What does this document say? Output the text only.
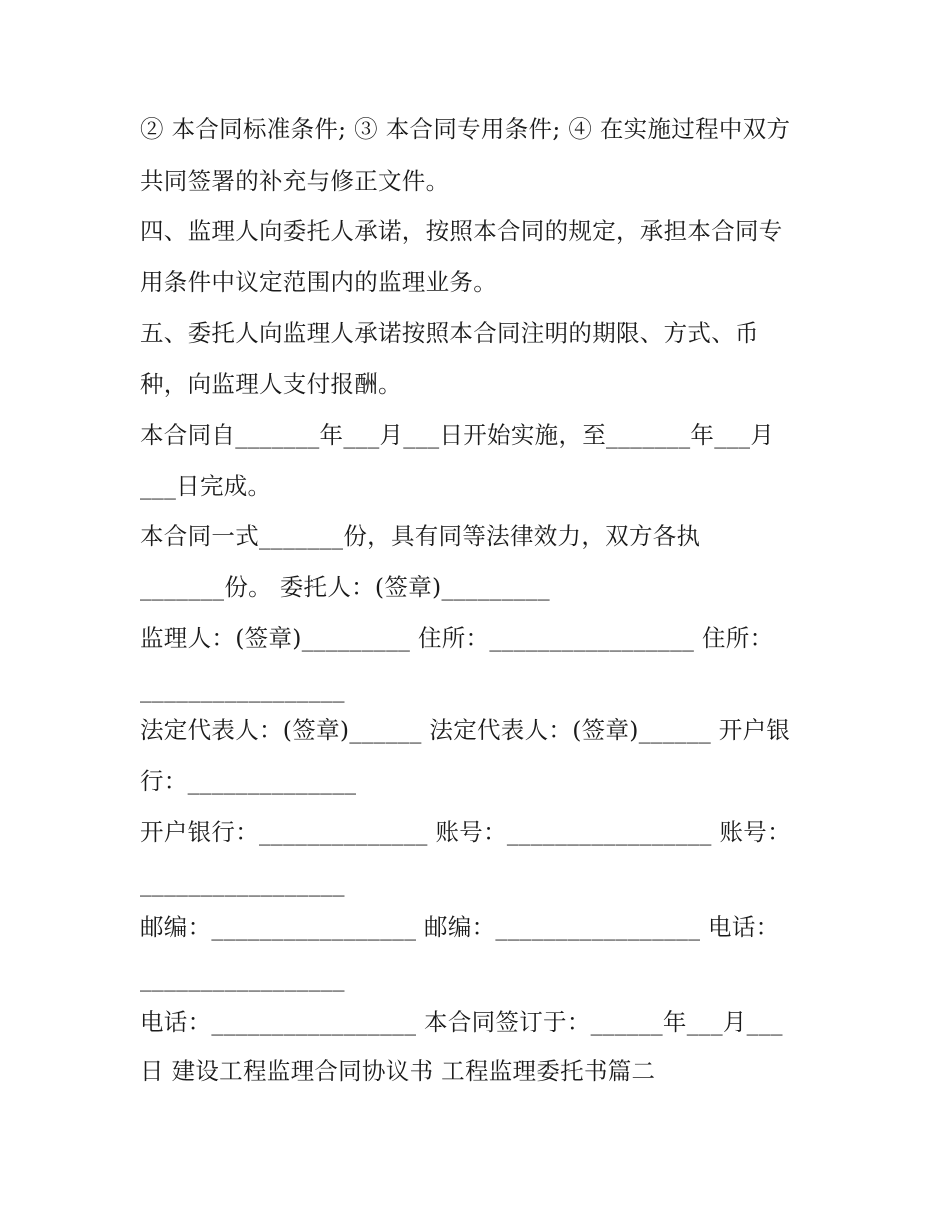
② 本合同标准条件; ③ 本合同专用条件; ④ 在实施过程中双方
共同签署的补充与修正文件。
四、监理人向委托人承诺，按照本合同的规定，承担本合同专
用条件中议定范围内的监理业务。
五、委托人向监理人承诺按照本合同注明的期限、方式、币
种，向监理人支付报酬。
本合同自_______年___月___日开始实施，至_______年___月
___日完成。
本合同一式_______份，具有同等法律效力，双方各执
_______份。 委托人：(签章)_________
监理人：(签章)_________ 住所：_________________ 住所：
_________________
法定代表人：(签章)______ 法定代表人：(签章)______ 开户银
行：______________
开户银行：______________ 账号：_________________ 账号：
_________________
邮编：_________________ 邮编：_________________ 电话：
_________________
电话：_________________ 本合同签订于：______年___月___
日 建设工程监理合同协议书 工程监理委托书篇二
